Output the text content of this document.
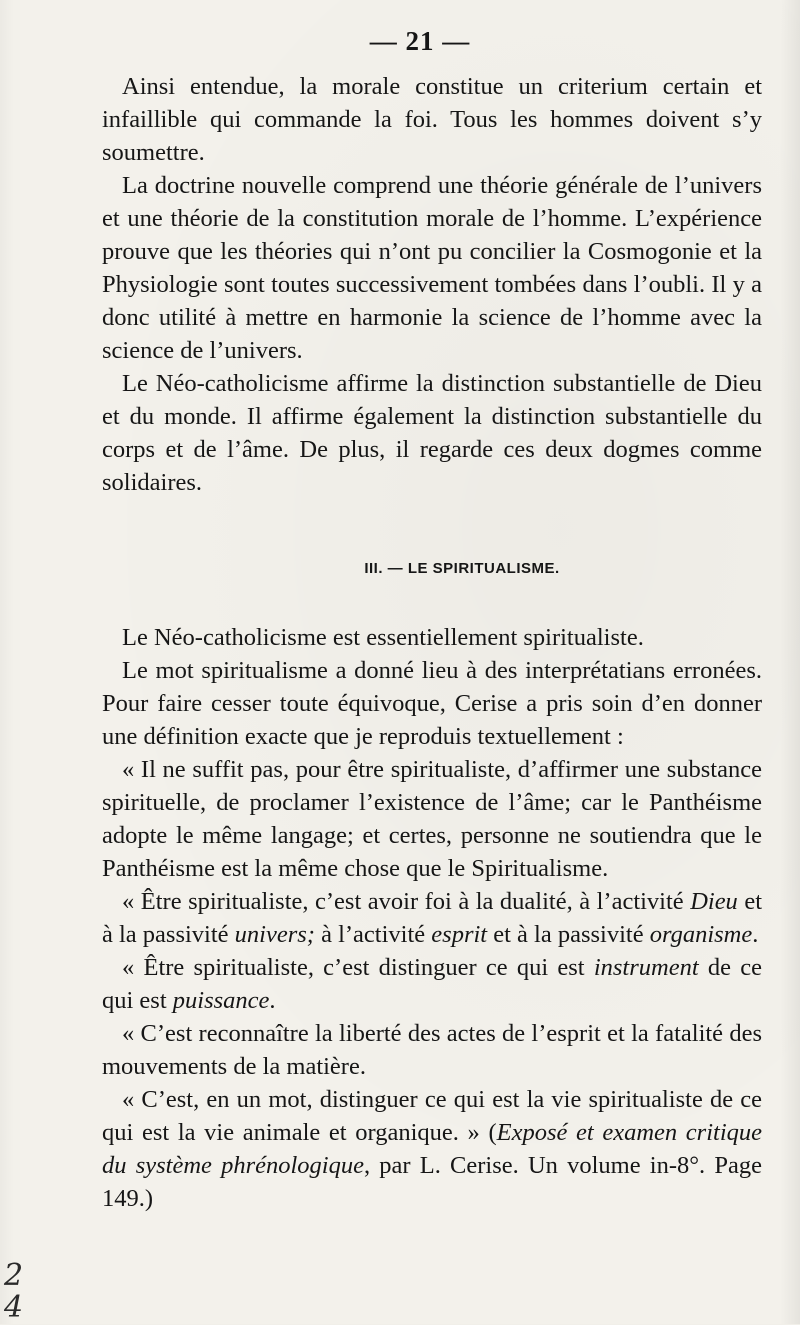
— 21 —

Ainsi entendue, la morale constitue un criterium certain et infaillible qui commande la foi. Tous les hommes doivent s’y soumettre.

La doctrine nouvelle comprend une théorie générale de l’univers et une théorie de la constitution morale de l’homme. L’expérience prouve que les théories qui n’ont pu concilier la Cosmogonie et la Physiologie sont toutes successivement tombées dans l’oubli. Il y a donc utilité à mettre en harmonie la science de l’homme avec la science de l’univers.

Le Néo-catholicisme affirme la distinction substantielle de Dieu et du monde. Il affirme également la distinction substantielle du corps et de l’âme. De plus, il regarde ces deux dogmes comme solidaires.

III. — LE SPIRITUALISME.

Le Néo-catholicisme est essentiellement spiritualiste.

Le mot spiritualisme a donné lieu à des interprétatians erronées. Pour faire cesser toute équivoque, Cerise a pris soin d’en donner une définition exacte que je reproduis textuellement :

« Il ne suffit pas, pour être spiritualiste, d’affirmer une substance spirituelle, de proclamer l’existence de l’âme; car le Panthéisme adopte le même langage; et certes, personne ne soutiendra que le Panthéisme est la même chose que le Spiritualisme.

« Être spiritualiste, c’est avoir foi à la dualité, à l’activité Dieu et à la passivité univers; à l’activité esprit et à la passivité organisme.

« Être spiritualiste, c’est distinguer ce qui est instrument de ce qui est puissance.

« C’est reconnaître la liberté des actes de l’esprit et la fatalité des mouvements de la matière.

« C’est, en un mot, distinguer ce qui est la vie spiritualiste de ce qui est la vie animale et organique. » (Exposé et examen critique du système phrénologique, par L. Cerise. Un volume in-8°. Page 149.)

2
4
